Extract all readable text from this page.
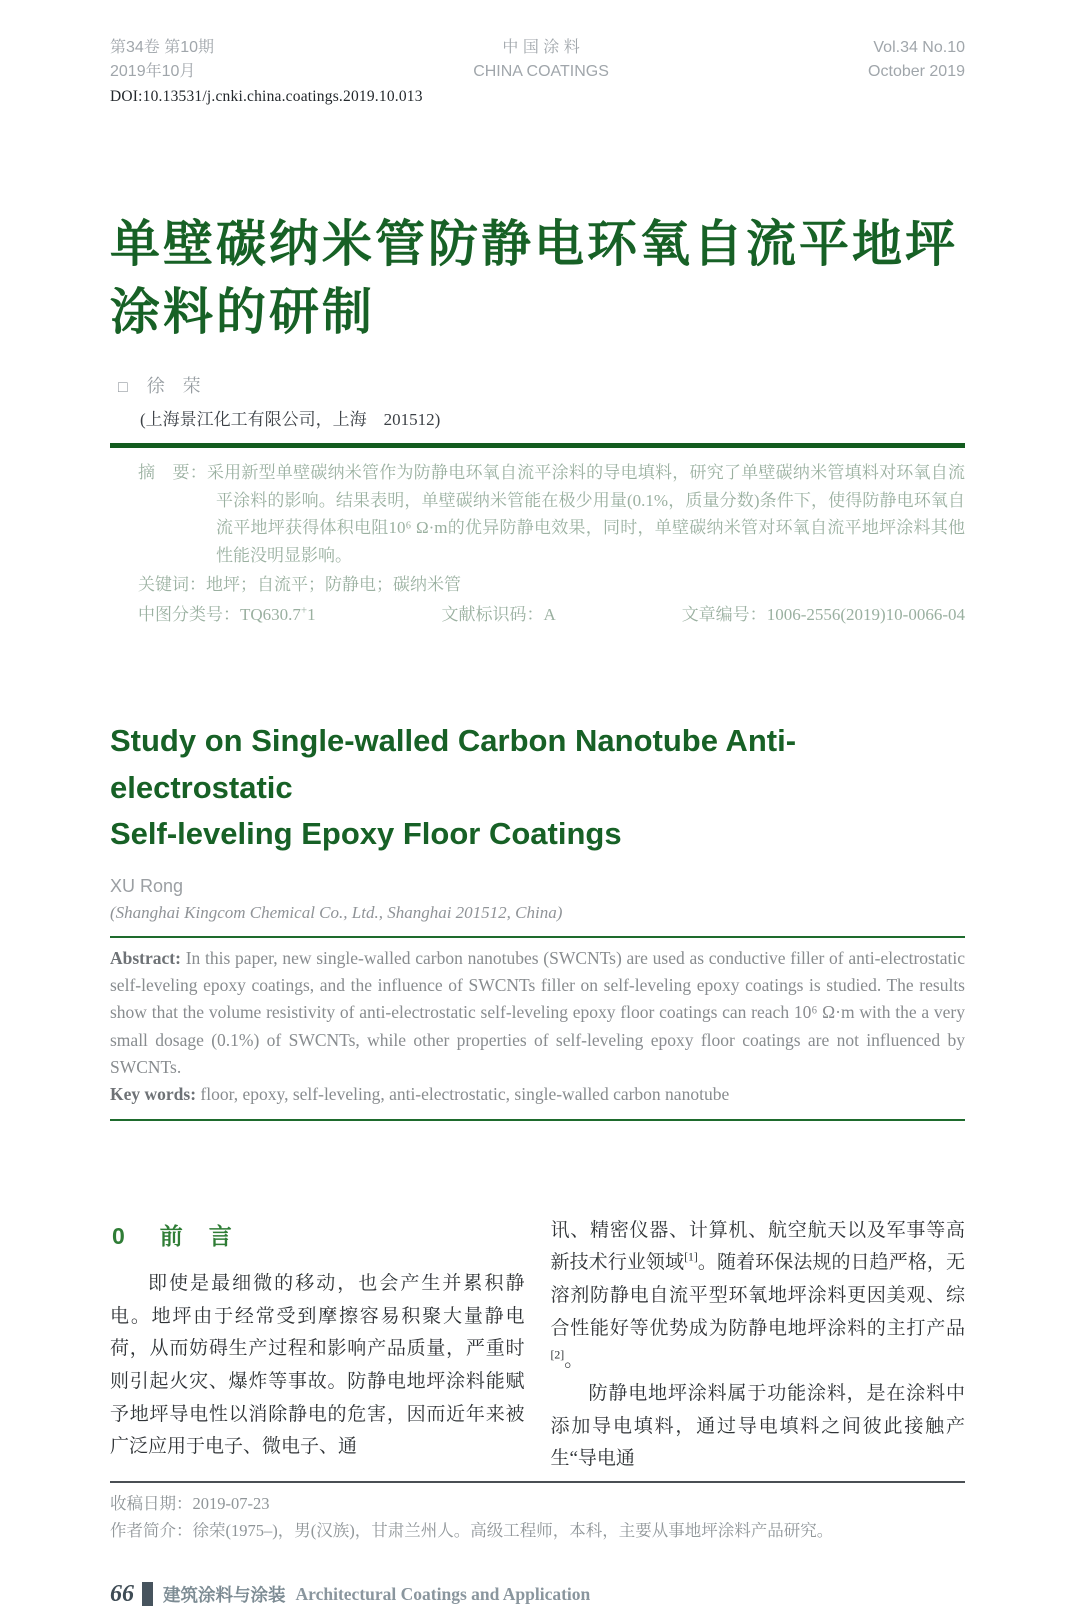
第34卷 第10期
2019年10月
中 国 涂 料
CHINA COATINGS
Vol.34 No.10
October 2019
DOI:10.13531/j.cnki.china.coatings.2019.10.013
单壁碳纳米管防静电环氧自流平地坪
涂料的研制
□ 徐　荣
(上海景江化工有限公司，上海　201512)

摘　要：采用新型单壁碳纳米管作为防静电环氧自流平涂料的导电填料，研究了单壁碳纳米管填料对环氧自流平涂料的影响。结果表明，单壁碳纳米管能在极少用量(0.1%，质量分数)条件下，使得防静电环氧自流平地坪获得体积电阻10⁶ Ω·m的优异防静电效果，同时，单壁碳纳米管对环氧自流平地坪涂料其他性能没明显影响。

关键词：地坪；自流平；防静电；碳纳米管

中图分类号：TQ630.7+1	文献标识码：A	文章编号：1006-2556(2019)10-0066-04
Study on Single-walled Carbon Nanotube Anti-electrostatic
Self-leveling Epoxy Floor Coatings
XU Rong
(Shanghai Kingcom Chemical Co., Ltd., Shanghai 201512, China)

Abstract: In this paper, new single-walled carbon nanotubes (SWCNTs) are used as conductive filler of anti-electrostatic self-leveling epoxy coatings, and the influence of SWCNTs filler on self-leveling epoxy coatings is studied. The results show that the volume resistivity of anti-electrostatic self-leveling epoxy floor coatings can reach 10⁶ Ω·m with the a very small dosage (0.1%) of SWCNTs, while other properties of self-leveling epoxy floor coatings are not influenced by SWCNTs.

Key words: floor, epoxy, self-leveling, anti-electrostatic, single-walled carbon nanotube

0 前言

即使是最细微的移动，也会产生并累积静电。地坪由于经常受到摩擦容易积聚大量静电荷，从而妨碍生产过程和影响产品质量，严重时则引起火灾、爆炸等事故。防静电地坪涂料能赋予地坪导电性以消除静电的危害，因而近年来被广泛应用于电子、微电子、通

讯、精密仪器、计算机、航空航天以及军事等高新技术行业领域[1]。随着环保法规的日趋严格，无溶剂防静电自流平型环氧地坪涂料更因美观、综合性能好等优势成为防静电地坪涂料的主打产品[2]。

防静电地坪涂料属于功能涂料，是在涂料中添加导电填料，通过导电填料之间彼此接触产生“导电通

收稿日期：2019-07-23

作者简介：徐荣(1975–)，男(汉族)，甘肃兰州人。高级工程师，本科，主要从事地坪涂料产品研究。

66 建筑涂料与涂装 Architectural Coatings and Application
